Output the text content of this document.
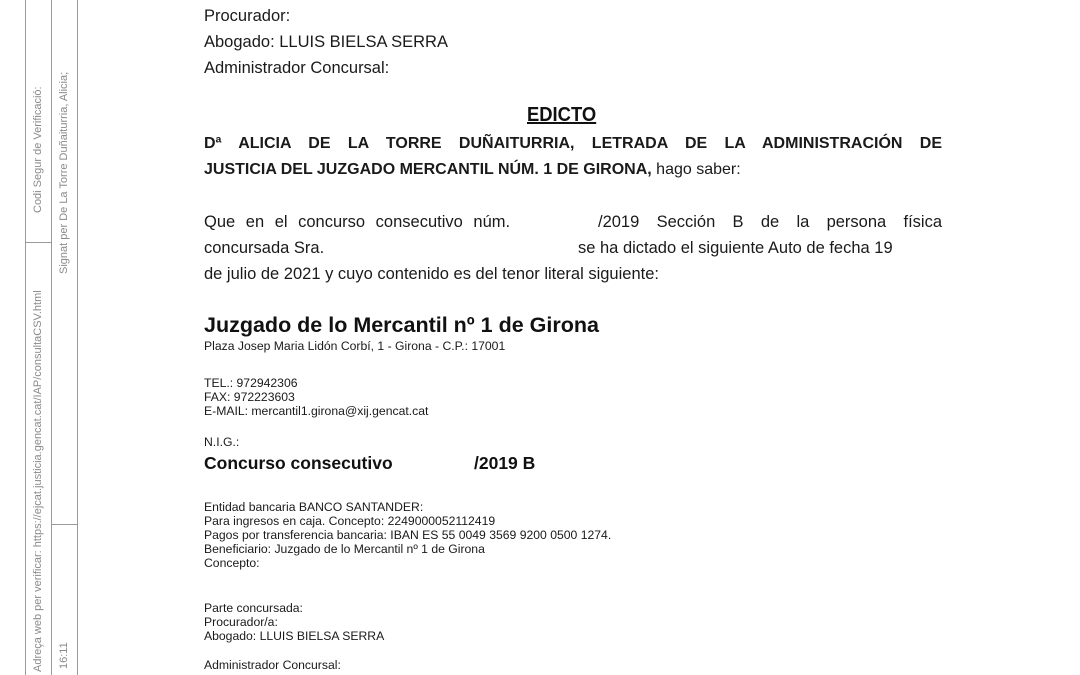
Adreça web per verificar: https://ejcat.justicia.gencat.cat/IAP/consultaCSV.html
Codi Segur de Verificació:
16:11
Signat per De La Torre Duñaiturria, Alicia;
Procurador:
Abogado: LLUIS BIELSA SERRA
Administrador Concursal:
EDICTO
Dª ALICIA DE LA TORRE DUÑAITURRIA, LETRADA DE LA ADMINISTRACIÓN DE
JUSTICIA DEL JUZGADO MERCANTIL NÚM. 1 DE GIRONA, hago saber:
Que en el concurso consecutivo núm.	/2019 Sección B de la persona física
concursada Sra.	se ha dictado el siguiente Auto de fecha 19
de julio de 2021 y cuyo contenido es del tenor literal siguiente:
Juzgado de lo Mercantil nº 1 de Girona
Plaza Josep Maria Lidón Corbí, 1 - Girona - C.P.: 17001
TEL.: 972942306
FAX: 972223603
E-MAIL: mercantil1.girona@xij.gencat.cat
N.I.G.:
Concurso consecutivo	/2019 B
Entidad bancaria BANCO SANTANDER:
Para ingresos en caja. Concepto: 2249000052112419
Pagos por transferencia bancaria: IBAN ES 55 0049 3569 9200 0500 1274.
Beneficiario: Juzgado de lo Mercantil nº 1 de Girona
Concepto:
Parte concursada:
Procurador/a:
Abogado: LLUIS BIELSA SERRA
Administrador Concursal:
